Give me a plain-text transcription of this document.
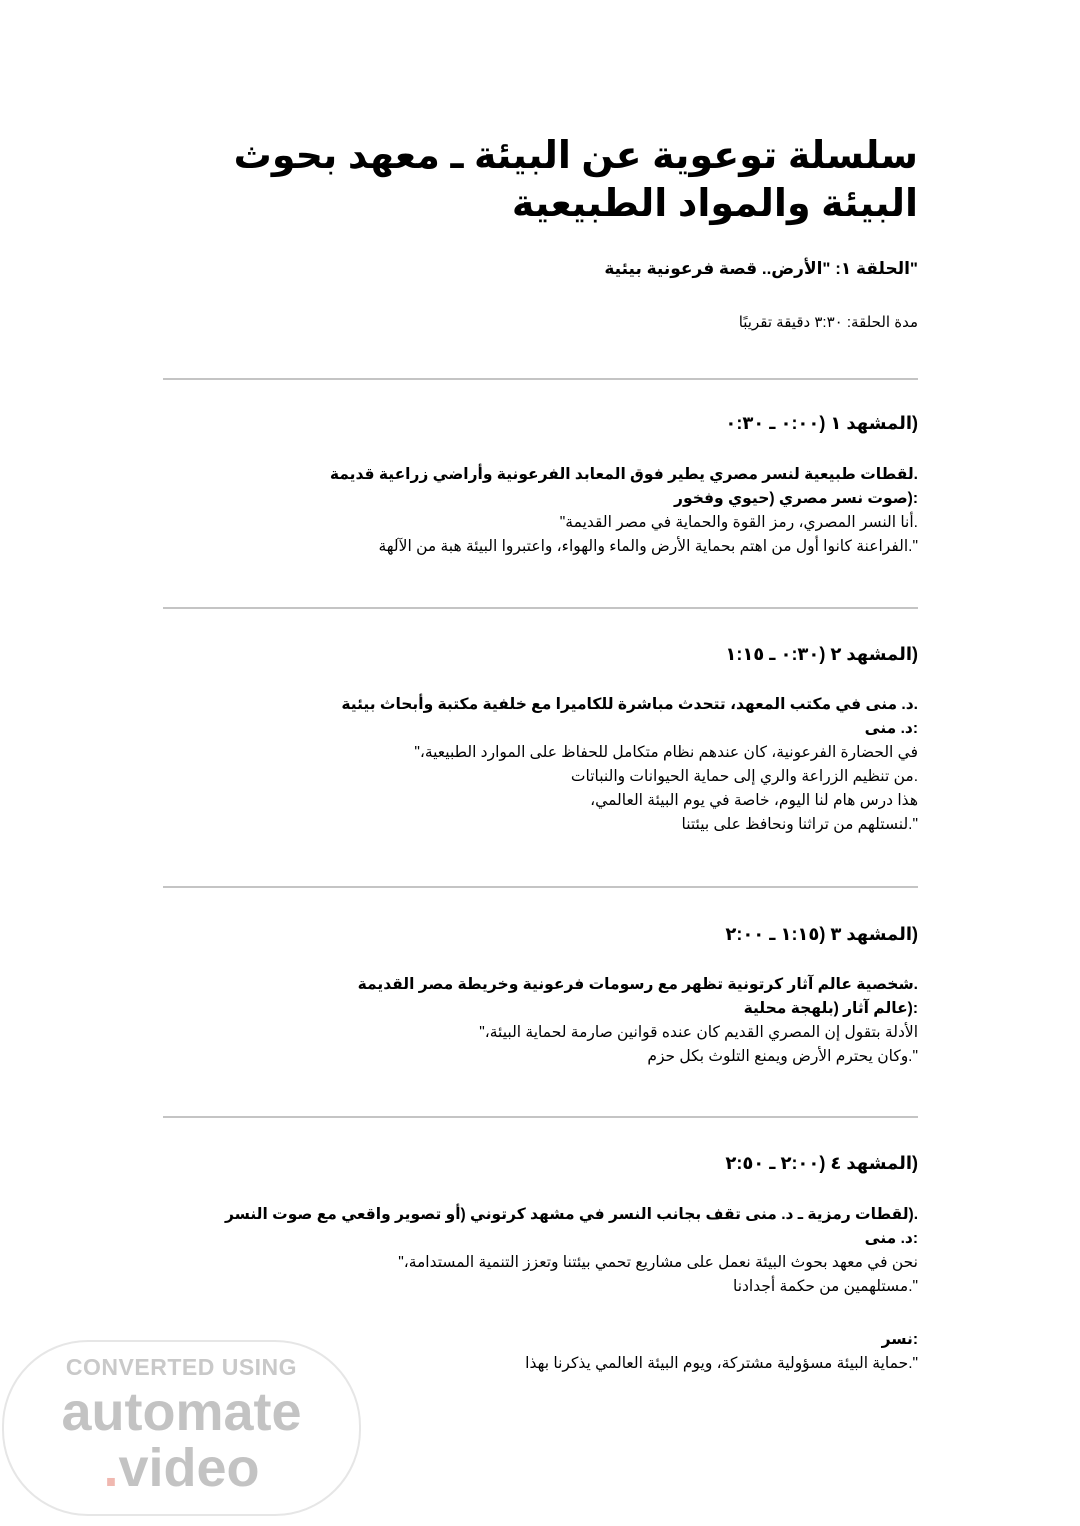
سلسلة توعوية عن البيئة ـ معهد بحوث البيئة والمواد الطبيعية
"الحلقة ١: "الأرض.. قصة فرعونية بيئية
مدة الحلقة: ٣:٣٠ دقيقة تقريبًا
(المشهد ١ (٠:٠٠ ـ ٠:٣٠
.لقطات طبيعية لنسر مصري يطير فوق المعابد الفرعونية وأراضي زراعية قديمة
:(صوت نسر مصري (حيوي وفخور
.أنا النسر المصري، رمز القوة والحماية في مصر القديمة"
".الفراعنة كانوا أول من اهتم بحماية الأرض والماء والهواء، واعتبروا البيئة هبة من الآلهة
(المشهد ٢ (٠:٣٠ ـ ١:١٥
.د. منى في مكتب المعهد، تتحدث مباشرة للكاميرا مع خلفية مكتبة وأبحاث بيئية
:د. منى
في الحضارة الفرعونية، كان عندهم نظام متكامل للحفاظ على الموارد الطبيعية،"
.من تنظيم الزراعة والري إلى حماية الحيوانات والنباتات
هذا درس هام لنا اليوم، خاصة في يوم البيئة العالمي،
".لنستلهم من تراثنا ونحافظ على بيئتنا
(المشهد ٣ (١:١٥ ـ ٢:٠٠
.شخصية عالم آثار كرتونية تظهر مع رسومات فرعونية وخريطة مصر القديمة
:(عالم آثار (بلهجة محلية
الأدلة بتقول إن المصري القديم كان عنده قوانين صارمة لحماية البيئة،"
".وكان يحترم الأرض ويمنع التلوث بكل حزم
(المشهد ٤ (٢:٠٠ ـ ٢:٥٠
.(لقطات رمزية ـ د. منى تقف بجانب النسر في مشهد كرتوني (أو تصوير واقعي مع صوت النسر
:د. منى
نحن في معهد بحوث البيئة نعمل على مشاريع تحمي بيئتنا وتعزز التنمية المستدامة،"
".مستلهمين من حكمة أجدادنا
:نسر
".حماية البيئة مسؤولية مشتركة، ويوم البيئة العالمي يذكرنا بهذا
CONVERTED USING
automate
.video
